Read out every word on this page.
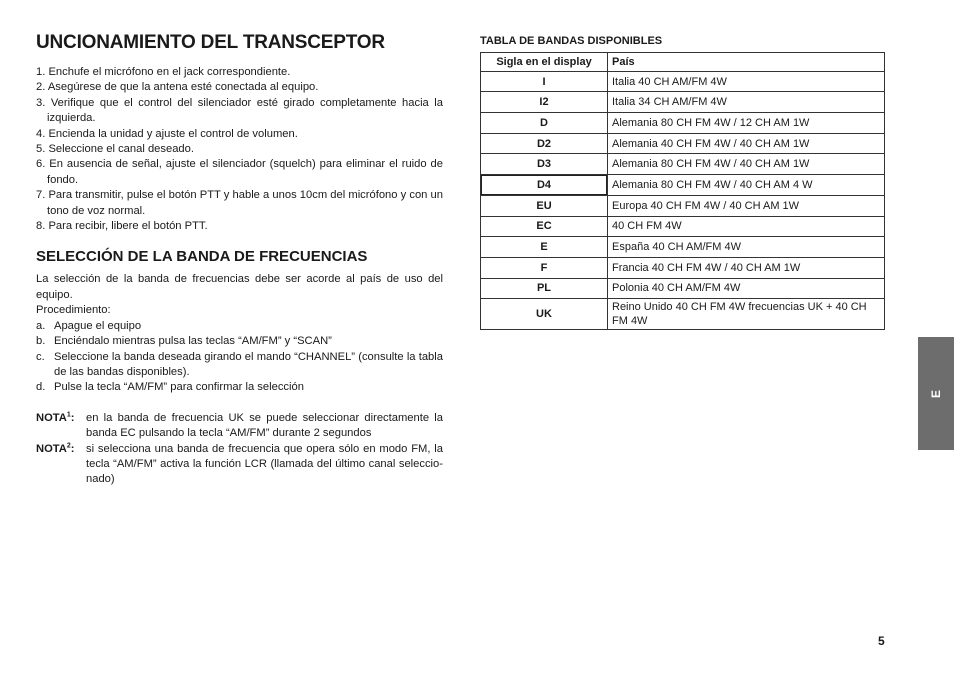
UNCIONAMIENTO DEL TRANSCEPTOR
1. Enchufe el micrófono en el jack correspondiente.
2. Asegúrese de que la antena esté conectada al equipo.
3. Verifique que el control del silenciador esté girado completamente hacia la izquierda.
4. Encienda la unidad y ajuste el control de volumen.
5. Seleccione el canal deseado.
6. En ausencia de señal, ajuste el silenciador (squelch) para eliminar el ruido de fondo.
7. Para transmitir, pulse el botón PTT y hable a unos 10cm del micrófono y con un tono de voz normal.
8. Para recibir, libere el botón PTT.
SELECCIÓN DE LA BANDA DE FRECUENCIAS

La selección de la banda de frecuencias debe ser acorde al país de uso del equipo.

Procedimiento:

a. Apague el equipo
b. Enciéndalo mientras pulsa las teclas “AM/FM” y “SCAN”
c. Seleccione la banda deseada girando el mando “CHANNEL” (consulte la tabla de las bandas disponibles).
d. Pulse la tecla “AM/FM” para confirmar la selección
NOTA$^1$:	en la banda de frecuencia UK se puede seleccionar directamente la banda EC pulsando la tecla “AM/FM” durante 2 segundos
NOTA$^2$:	si selecciona una banda de frecuencia que opera sólo en modo FM, la tecla “AM/FM” activa la función LCR (llamada del último canal seleccio-nado)
TABLA DE BANDAS DISPONIBLES
Sigla en el display	País
I	Italia 40 CH AM/FM 4W
I2	Italia 34 CH AM/FM 4W
D	Alemania 80 CH FM 4W / 12 CH AM 1W
D2	Alemania 40 CH FM 4W / 40 CH AM 1W
D3	Alemania 80 CH FM 4W / 40 CH AM 1W
D4	Alemania 80 CH FM 4W / 40 CH AM 4 W
EU	Europa 40 CH FM 4W / 40 CH AM 1W
EC	40 CH FM 4W
E	España 40 CH AM/FM 4W
F	Francia 40 CH FM 4W / 40 CH AM 1W
PL	Polonia 40 CH AM/FM 4W
UK	Reino Unido 40 CH FM 4W frecuencias UK + 40 CH FM 4W
E
5
